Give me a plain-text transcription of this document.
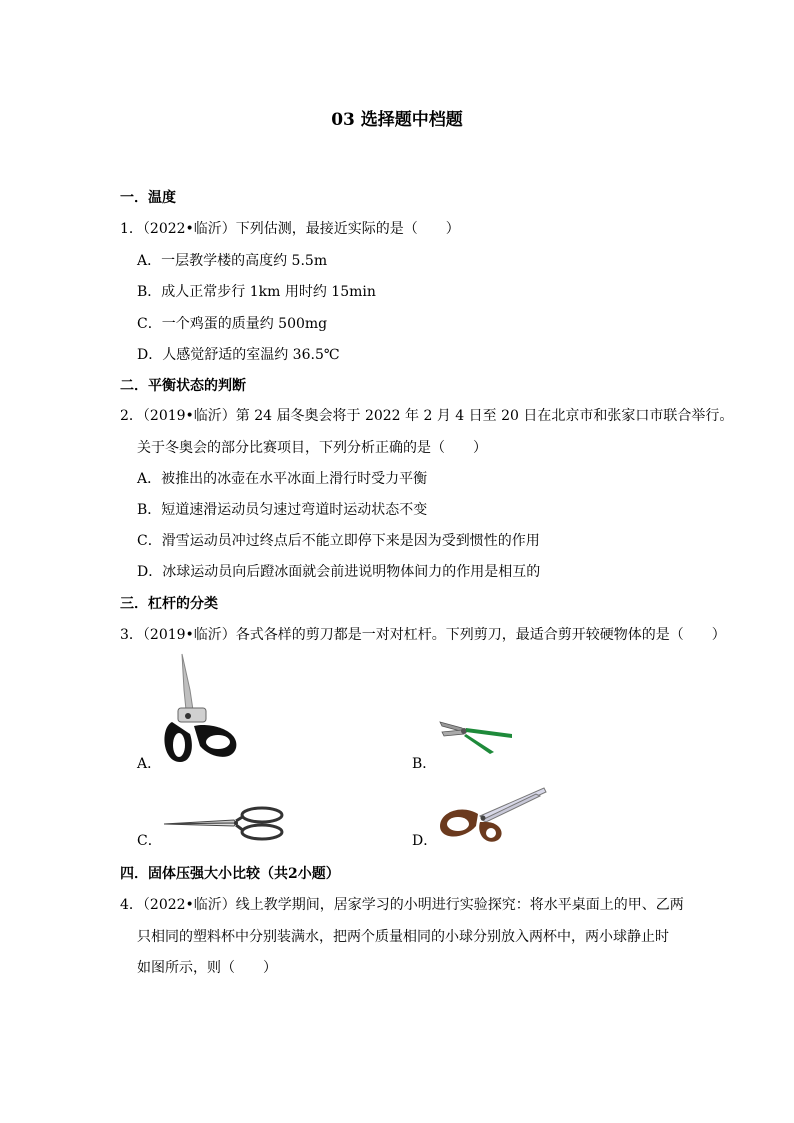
03 选择题中档题
一．温度
1．（2022•临沂）下列估测，最接近实际的是（　　）
A．一层教学楼的高度约 5.5m
B．成人正常步行 1km 用时约 15min
C．一个鸡蛋的质量约 500mg
D．人感觉舒适的室温约 36.5℃
二．平衡状态的判断
2．（2019•临沂）第 24 届冬奥会将于 2022 年 2 月 4 日至 20 日在北京市和张家口市联合举行。
关于冬奥会的部分比赛项目，下列分析正确的是（　　）
A．被推出的冰壶在水平冰面上滑行时受力平衡
B．短道速滑运动员匀速过弯道时运动状态不变
C．滑雪运动员冲过终点后不能立即停下来是因为受到惯性的作用
D．冰球运动员向后蹬冰面就会前进说明物体间力的作用是相互的
三．杠杆的分类
3．（2019•临沂）各式各样的剪刀都是一对对杠杆。下列剪刀，最适合剪开较硬物体的是（　　）
A．	B．
C．	D．
四．固体压强大小比较（共2小题）
4．（2022•临沂）线上教学期间，居家学习的小明进行实验探究：将水平桌面上的甲、乙两
只相同的塑料杯中分别装满水，把两个质量相同的小球分别放入两杯中，两小球静止时
如图所示，则（　　）
